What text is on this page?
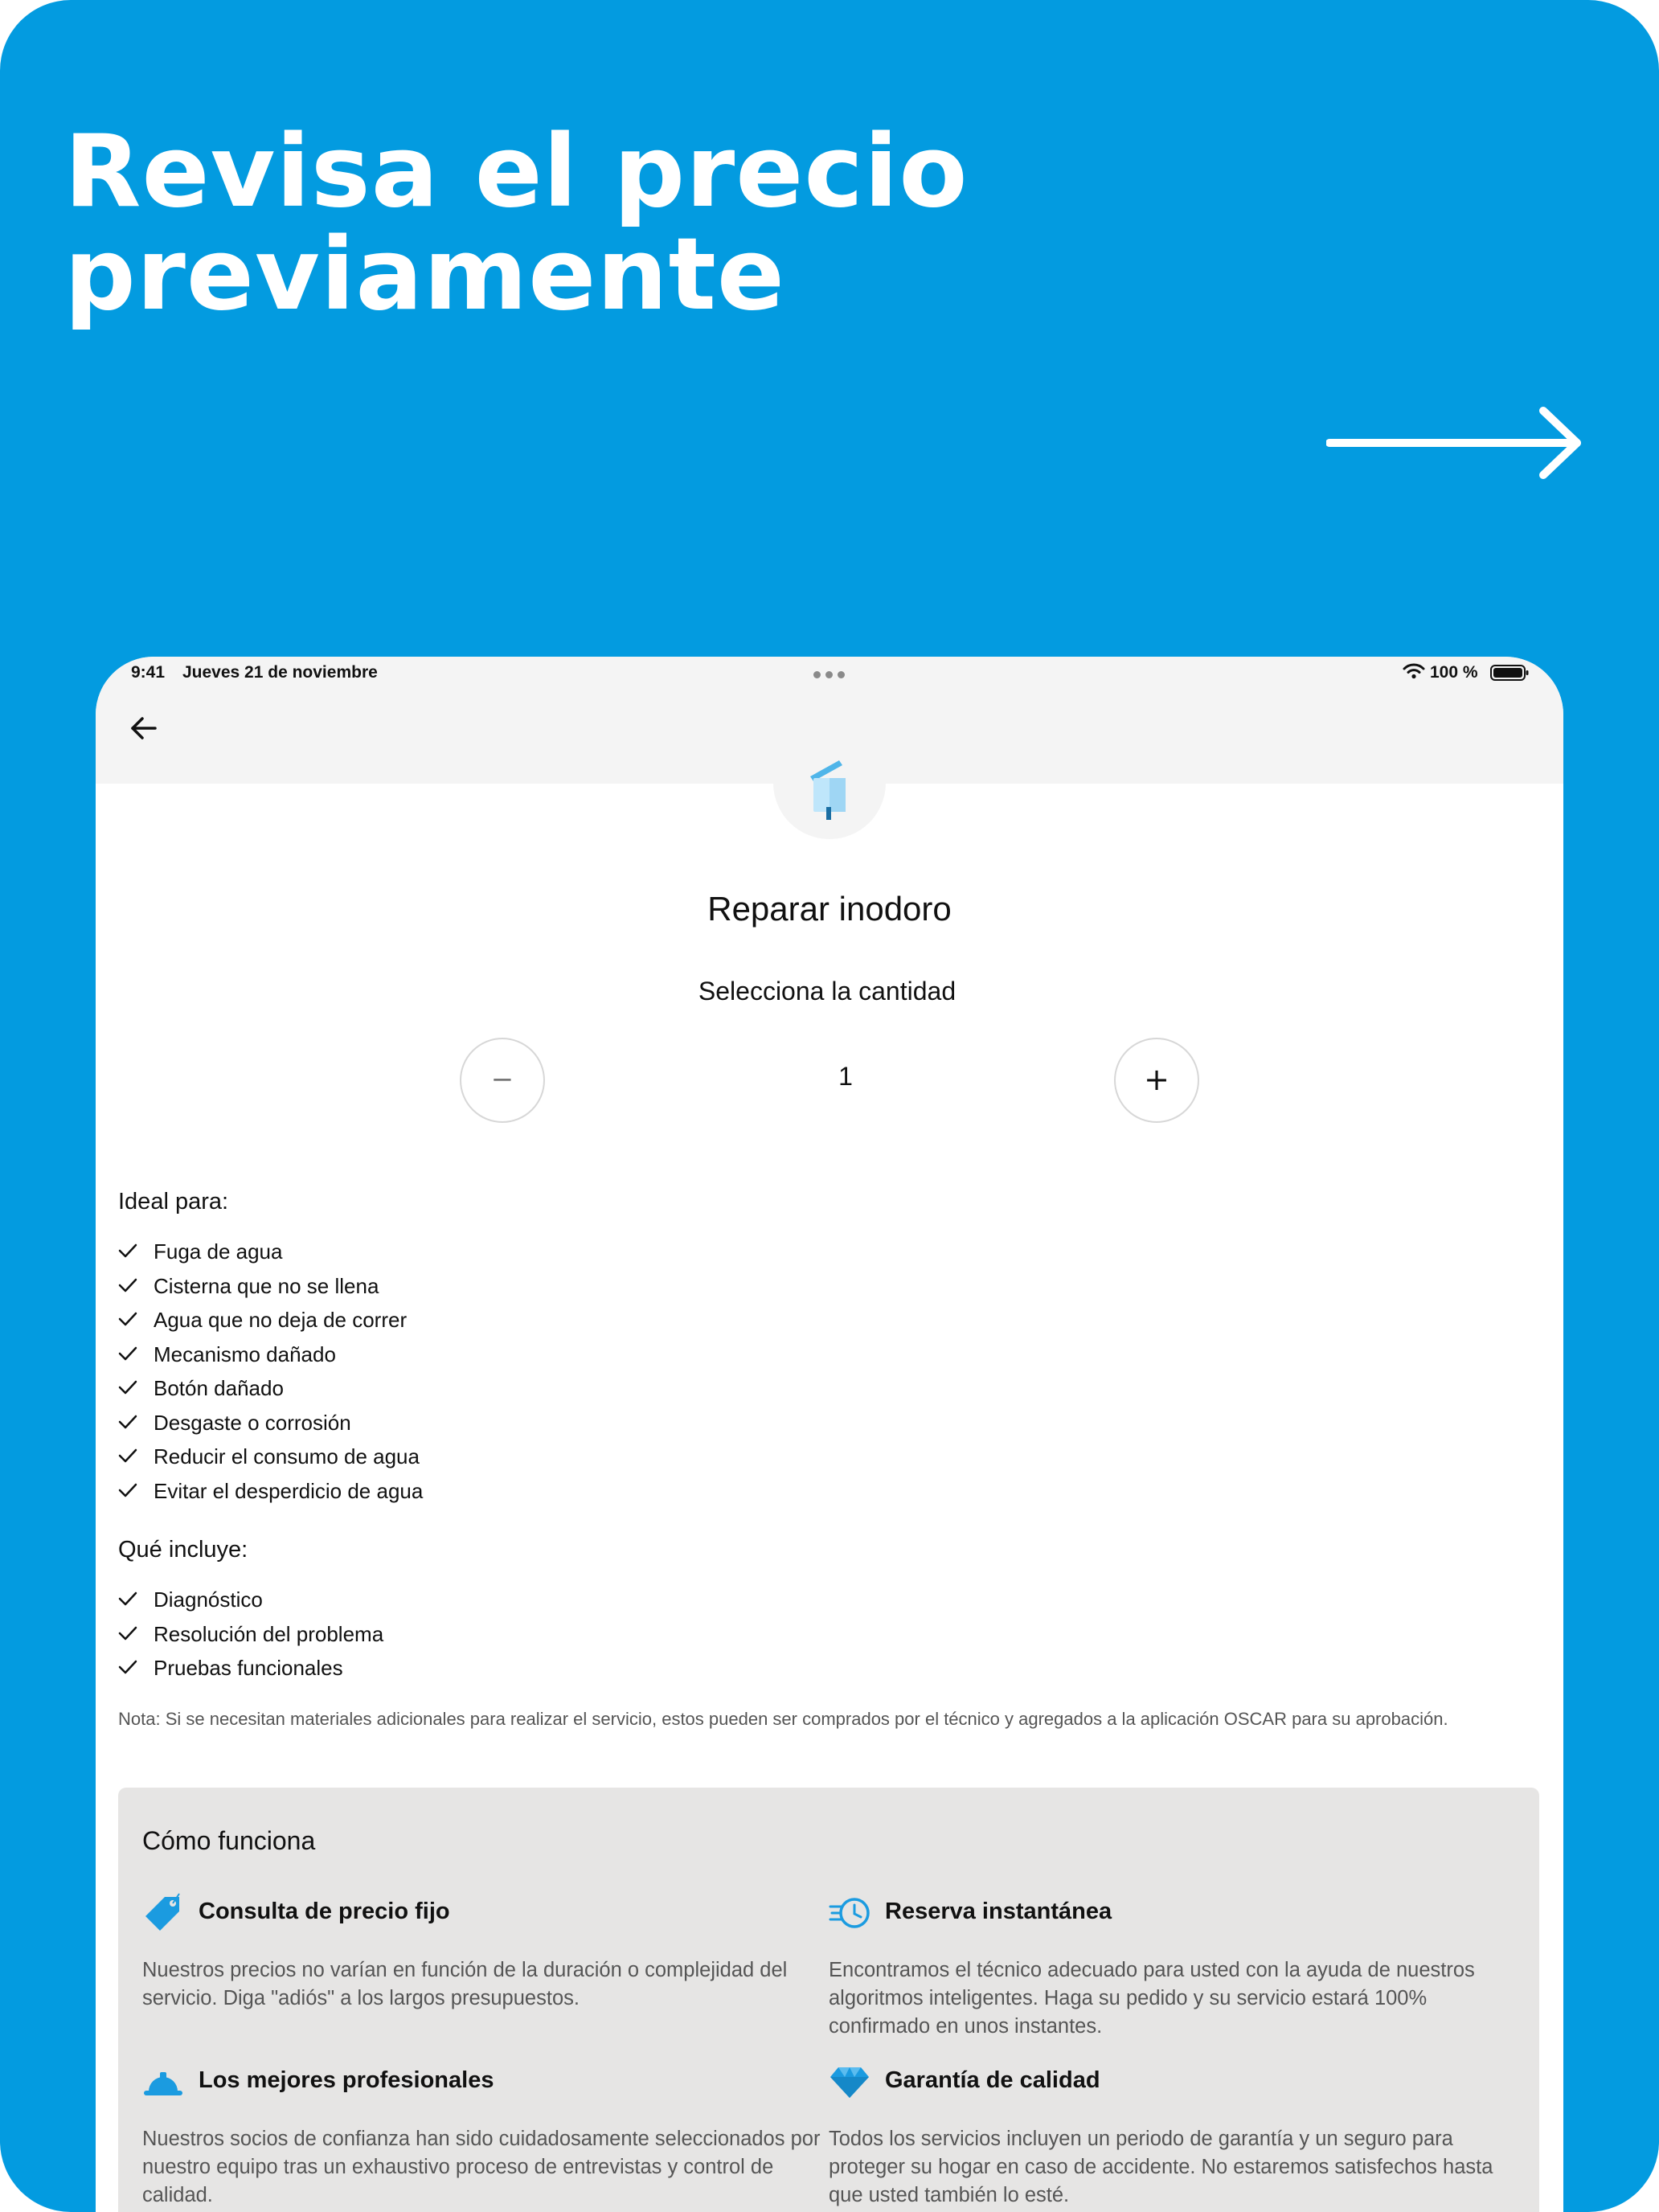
Revisa el precio
previamente
9:41 Jueves 21 de noviembre	100 %
Reparar inodoro
Selecciona la cantidad
−	1	+
Ideal para:
Fuga de agua
Cisterna que no se llena
Agua que no deja de correr
Mecanismo dañado
Botón dañado
Desgaste o corrosión
Reducir el consumo de agua
Evitar el desperdicio de agua
Qué incluye:
Diagnóstico
Resolución del problema
Pruebas funcionales

Nota: Si se necesitan materiales adicionales para realizar el servicio, estos pueden ser comprados por el técnico y agregados a la aplicación OSCAR para su aprobación.

Cómo funciona
Consulta de precio fijo

Nuestros precios no varían en función de la duración o complejidad del servicio. Diga "adiós" a los largos presupuestos.

Reserva instantánea

Encontramos el técnico adecuado para usted con la ayuda de nuestros algoritmos inteligentes. Haga su pedido y su servicio estará 100% confirmado en unos instantes.

Los mejores profesionales

Nuestros socios de confianza han sido cuidadosamente seleccionados por nuestro equipo tras un exhaustivo proceso de entrevistas y control de calidad.

Garantía de calidad

Todos los servicios incluyen un periodo de garantía y un seguro para proteger su hogar en caso de accidente. No estaremos satisfechos hasta que usted también lo esté.
